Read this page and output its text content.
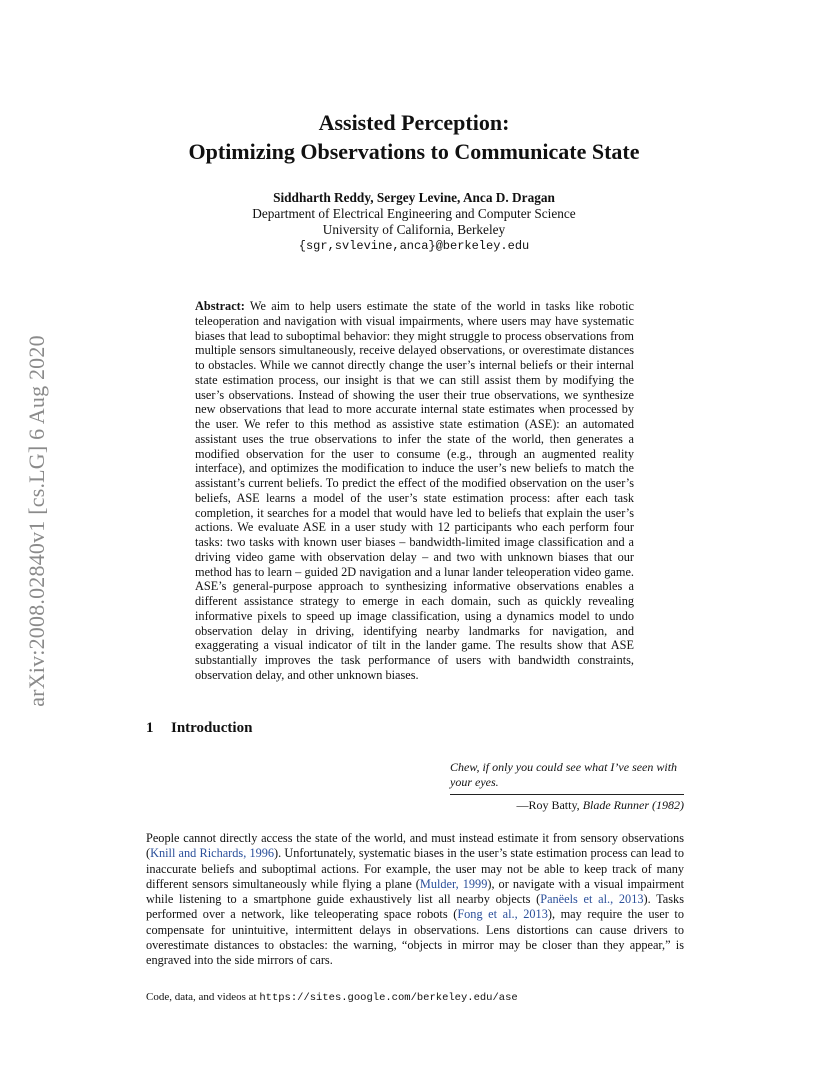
arXiv:2008.02840v1 [cs.LG] 6 Aug 2020
Assisted Perception:
Optimizing Observations to Communicate State
Siddharth Reddy, Sergey Levine, Anca D. Dragan
Department of Electrical Engineering and Computer Science
University of California, Berkeley
{sgr,svlevine,anca}@berkeley.edu
Abstract: We aim to help users estimate the state of the world in tasks like robotic teleoperation and navigation with visual impairments, where users may have systematic biases that lead to suboptimal behavior: they might struggle to process observations from multiple sensors simultaneously, receive delayed observations, or overestimate distances to obstacles. While we cannot directly change the user’s internal beliefs or their internal state estimation process, our insight is that we can still assist them by modifying the user’s observations. Instead of showing the user their true observations, we synthesize new observations that lead to more accurate internal state estimates when processed by the user. We refer to this method as assistive state estimation (ASE): an automated assistant uses the true observations to infer the state of the world, then generates a modified observation for the user to consume (e.g., through an augmented reality interface), and optimizes the modification to induce the user’s new beliefs to match the assistant’s current beliefs. To predict the effect of the modified observation on the user’s beliefs, ASE learns a model of the user’s state estimation process: after each task completion, it searches for a model that would have led to beliefs that explain the user’s actions. We evaluate ASE in a user study with 12 participants who each perform four tasks: two tasks with known user biases – bandwidth-limited image classification and a driving video game with observation delay – and two with unknown biases that our method has to learn – guided 2D navigation and a lunar lander teleoperation video game. ASE’s general-purpose approach to synthesizing informative observations enables a different assistance strategy to emerge in each domain, such as quickly revealing informative pixels to speed up image classification, using a dynamics model to undo observation delay in driving, identifying nearby landmarks for navigation, and exaggerating a visual indicator of tilt in the lander game. The results show that ASE substantially improves the task performance of users with bandwidth constraints, observation delay, and other unknown biases.
1 Introduction
Chew, if only you could see what I’ve seen with your eyes.
—Roy Batty, Blade Runner (1982)
People cannot directly access the state of the world, and must instead estimate it from sensory observations (Knill and Richards, 1996). Unfortunately, systematic biases in the user’s state estimation process can lead to inaccurate beliefs and suboptimal actions. For example, the user may not be able to keep track of many different sensors simultaneously while flying a plane (Mulder, 1999), or navigate with a visual impairment while listening to a smartphone guide exhaustively list all nearby objects (Panëels et al., 2013). Tasks performed over a network, like teleoperating space robots (Fong et al., 2013), may require the user to compensate for unintuitive, intermittent delays in observations. Lens distortions can cause drivers to overestimate distances to obstacles: the warning, “objects in mirror may be closer than they appear,” is engraved into the side mirrors of cars.
Code, data, and videos at https://sites.google.com/berkeley.edu/ase
